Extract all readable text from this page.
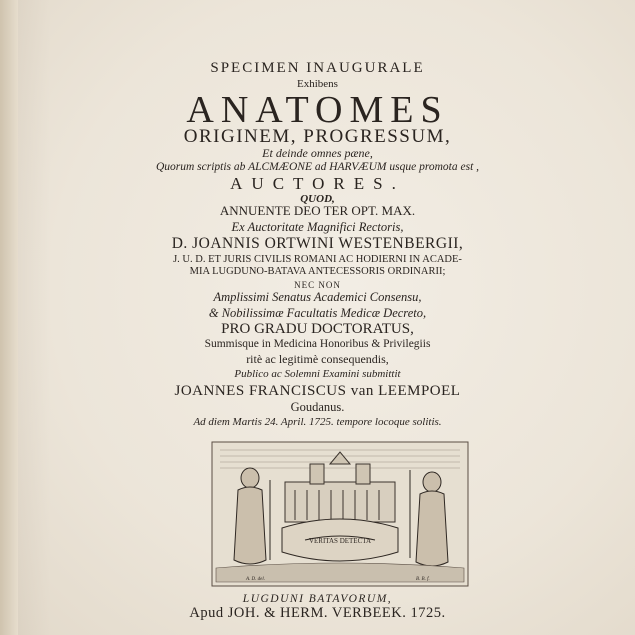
SPECIMEN INAUGURALE
Exhibens
ANATOMES
ORIGINEM, PROGRESSUM,
Et deinde omnes pæne,
Quorum scriptis ab ALCMÆONE ad HARVÆUM usque promota est ,
AUCTORES.
QUOD,
ANNUENTE DEO TER OPT. MAX.
Ex Auctoritate Magnifici Rectoris,
D. JOANNIS ORTWINI WESTENBERGII,
J. U. D. ET JURIS CIVILIS ROMANI AC HODIERNI IN ACADE-
MIA LUGDUNO-BATAVA ANTECESSORIS ORDINARII;
NEC NON
Amplissimi Senatus Academici Consensu,
& Nobilissimæ Facultatis Medicæ Decreto,
PRO GRADU DOCTORATUS,
Summisque in Medicina Honoribus & Privilegiis
ritè ac legitimè consequendis,
Publico ac Solemni Examini submittit
JOANNES FRANCISCUS van LEEMPOEL
Goudanus.
Ad diem Martis 24. April. 1725. tempore locoque solitis.
VERITAS DETECTA
A. D. del.	B. B. f.
LUGDUNI BATAVORUM,
Apud JOH. & HERM. VERBEEK. 1725.
